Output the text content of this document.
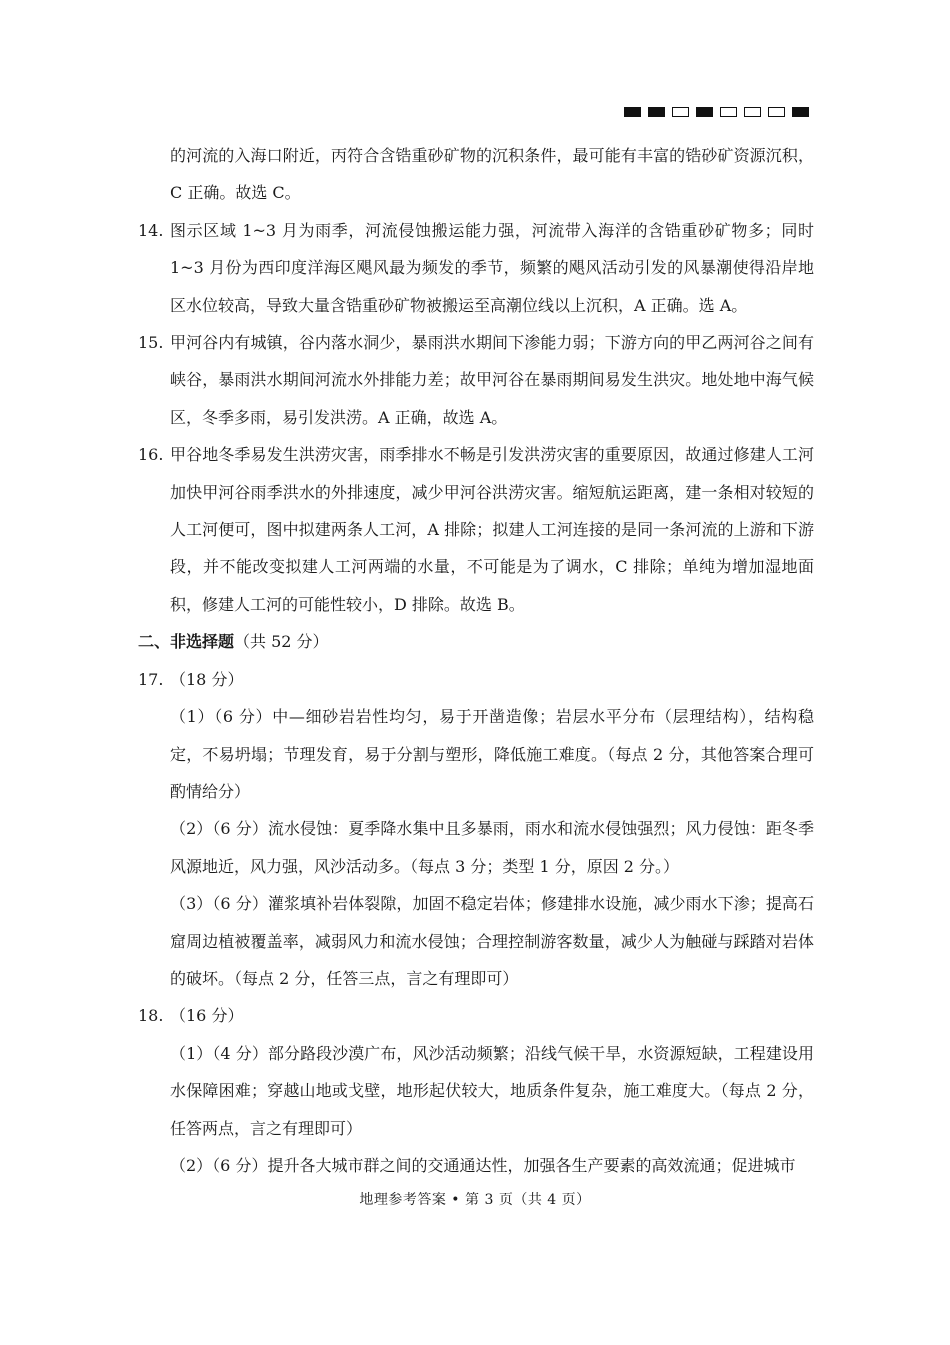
的河流的入海口附近，丙符合含锆重砂矿物的沉积条件，最可能有丰富的锆砂矿资源沉积，C 正确。故选 C。

14. 图示区域 1~3 月为雨季，河流侵蚀搬运能力强，河流带入海洋的含锆重砂矿物多；同时 1~3 月份为西印度洋海区飓风最为频发的季节，频繁的飓风活动引发的风暴潮使得沿岸地区水位较高，导致大量含锆重砂矿物被搬运至高潮位线以上沉积，A 正确。选 A。
15. 甲河谷内有城镇，谷内落水洞少，暴雨洪水期间下渗能力弱；下游方向的甲乙两河谷之间有峡谷，暴雨洪水期间河流水外排能力差；故甲河谷在暴雨期间易发生洪灾。地处地中海气候区，冬季多雨，易引发洪涝。A 正确，故选 A。
16. 甲谷地冬季易发生洪涝灾害，雨季排水不畅是引发洪涝灾害的重要原因，故通过修建人工河加快甲河谷雨季洪水的外排速度，减少甲河谷洪涝灾害。缩短航运距离，建一条相对较短的人工河便可，图中拟建两条人工河，A 排除；拟建人工河连接的是同一条河流的上游和下游段，并不能改变拟建人工河两端的水量，不可能是为了调水，C 排除；单纯为增加湿地面积，修建人工河的可能性较小，D 排除。故选 B。
二、非选择题（共 52 分）
17. （18 分）

（1）（6 分）中—细砂岩岩性均匀，易于开凿造像；岩层水平分布（层理结构），结构稳定，不易坍塌；节理发育，易于分割与塑形，降低施工难度。（每点 2 分，其他答案合理可酌情给分）

（2）（6 分）流水侵蚀：夏季降水集中且多暴雨，雨水和流水侵蚀强烈；风力侵蚀：距冬季风源地近，风力强，风沙活动多。（每点 3 分；类型 1 分，原因 2 分。）

（3）（6 分）灌浆填补岩体裂隙，加固不稳定岩体；修建排水设施，减少雨水下渗；提高石窟周边植被覆盖率，减弱风力和流水侵蚀；合理控制游客数量，减少人为触碰与踩踏对岩体的破坏。（每点 2 分，任答三点，言之有理即可）

18. （16 分）

（1）（4 分）部分路段沙漠广布，风沙活动频繁；沿线气候干旱，水资源短缺，工程建设用水保障困难；穿越山地或戈壁，地形起伏较大，地质条件复杂，施工难度大。（每点 2 分，任答两点，言之有理即可）

（2）（6 分）提升各大城市群之间的交通通达性，加强各生产要素的高效流通；促进城市

地理参考答案 • 第 3 页（共 4 页）
